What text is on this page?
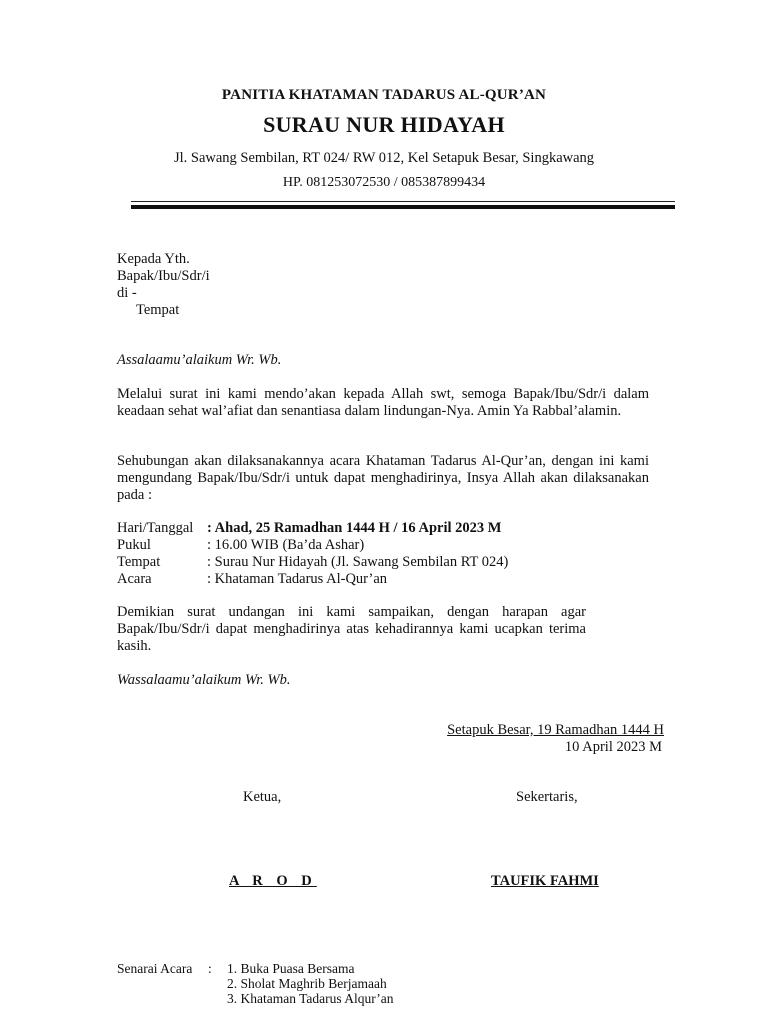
PANITIA KHATAMAN TADARUS AL-QUR’AN
SURAU NUR HIDAYAH
Jl. Sawang Sembilan, RT 024/ RW 012, Kel Setapuk Besar, Singkawang
HP. 081253072530 / 085387899434
Kepada Yth.
Bapak/Ibu/Sdr/i
di -
Tempat
Assalaamu’alaikum Wr. Wb.
Melalui surat ini kami mendo’akan kepada Allah swt, semoga Bapak/Ibu/Sdr/i dalam keadaan sehat wal’afiat dan senantiasa dalam lindungan-Nya. Amin Ya Rabbal’alamin.
Sehubungan akan dilaksanakannya acara Khataman Tadarus Al-Qur’an, dengan ini kami mengundang Bapak/Ibu/Sdr/i untuk dapat menghadirinya, Insya Allah akan dilaksanakan pada :
Hari/Tanggal : Ahad, 25 Ramadhan 1444 H / 16 April 2023 M
Pukul	: 16.00 WIB (Ba’da Ashar)
Tempat	: Surau Nur Hidayah (Jl. Sawang Sembilan RT 024)
Acara	: Khataman Tadarus Al-Qur’an
Demikian surat undangan ini kami sampaikan, dengan harapan agar Bapak/Ibu/Sdr/i dapat menghadirinya atas kehadirannya kami ucapkan terima kasih.
Wassalaamu’alaikum Wr. Wb.
Setapuk Besar, 19 Ramadhan 1444 H
10 April 2023 M
Ketua,	Sekertaris,
A R O D	TAUFIK FAHMI
Senarai Acara : 1. Buka Puasa Bersama
2. Sholat Maghrib Berjamaah
3. Khataman Tadarus Alqur’an
